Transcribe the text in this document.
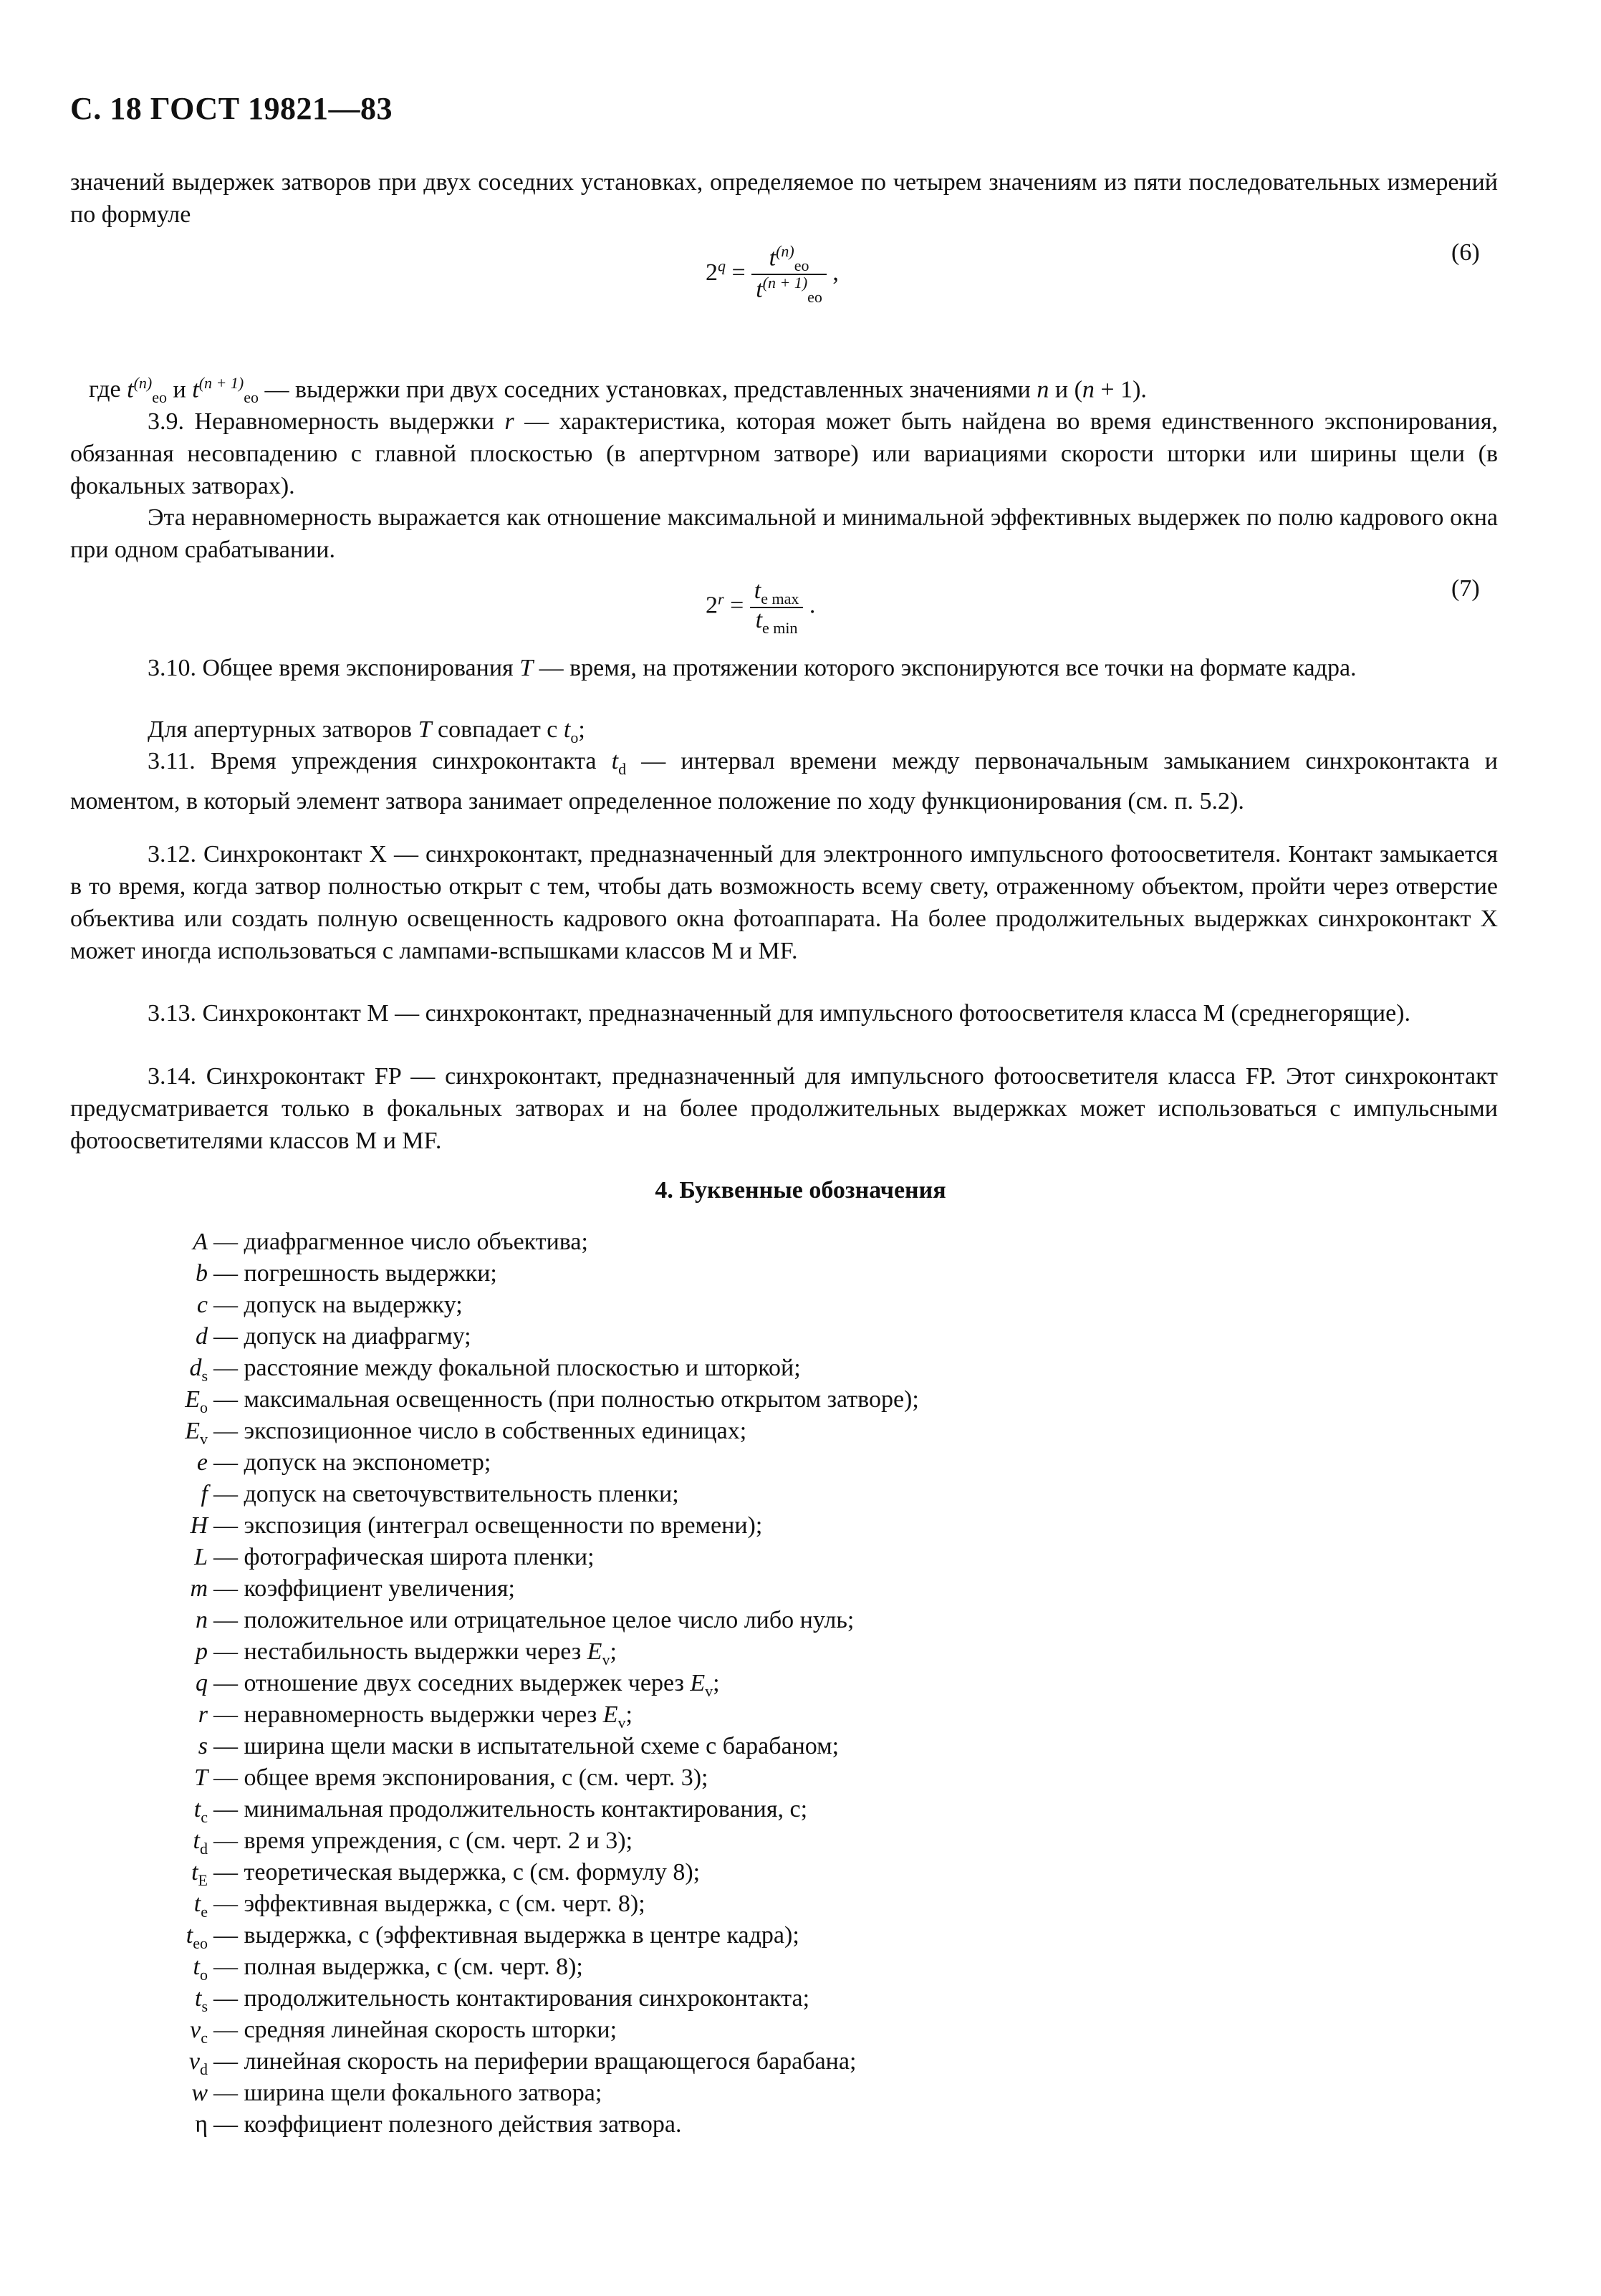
С. 18 ГОСТ 19821—83
значений выдержек затворов при двух соседних установках, определяемое по четырем значениям из пяти последовательных измерений по формуле
$2^q = \frac{t^{(n)}_{eo}}{t^{(n + 1)}_{eo}}$ ,
(6)
где $t^{(n)}_{eo}$ и $t^{(n + 1)}_{eo}$ — выдержки при двух соседних установках, представленных значениями n и (n + 1).
3.9. Неравномерность выдержки r — характеристика, которая может быть найдена во время единственного экспонирования, обязанная несовпадению с главной плоскостью (в апертvрном затворе) или вариациями скорости шторки или ширины щели (в фокальных затворах).
Эта неравномерность выражается как отношение максимальной и минимальной эффективных выдержек по полю кадрового окна при одном срабатывании.
$2^r = \frac{t_{e max}}{t_{e min}}$ .
(7)
3.10. Общее время экспонирования T — время, на протяжении которого экспонируются все точки на формате кадра.
Для апертурных затворов T совпадает с $t_o$;
3.11. Время упреждения синхроконтакта $t_d$ — интервал времени между первоначальным замыканием синхроконтакта и моментом, в который элемент затвора занимает определенное положение по ходу функционирования (см. п. 5.2).
3.12. Синхроконтакт X — синхроконтакт, предназначенный для электронного импульсного фотоосветителя. Контакт замыкается в то время, когда затвор полностью открыт с тем, чтобы дать возможность всему свету, отраженному объектом, пройти через отверстие объектива или создать полную освещенность кадрового окна фотоаппарата. На более продолжительных выдержках синхроконтакт X может иногда использоваться с лампами-вспышками классов M и MF.
3.13. Синхроконтакт M — синхроконтакт, предназначенный для импульсного фотоосветителя класса M (среднегорящие).
3.14. Синхроконтакт FP — синхроконтакт, предназначенный для импульсного фотоосветителя класса FP. Этот синхроконтакт предусматривается только в фокальных затворах и на более продолжительных выдержках может использоваться с импульсными фотоосветителями классов M и MF.
4. Буквенные обозначения
A — диафрагменное число объектива;
b — погрешность выдержки;
c — допуск на выдержку;
d — допуск на диафрагму;
$d_s$ — расстояние между фокальной плоскостью и шторкой;
$E_o$ — максимальная освещенность (при полностью открытом затворе);
$E_v$ — экспозиционное число в собственных единицах;
e — допуск на экспонометр;
f — допуск на светочувствительность пленки;
H — экспозиция (интеграл освещенности по времени);
L — фотографическая широта пленки;
m — коэффициент увеличения;
n — положительное или отрицательное целое число либо нуль;
p — нестабильность выдержки через $E_v$;
q — отношение двух соседних выдержек через $E_v$;
r — неравномерность выдержки через $E_v$;
s — ширина щели маски в испытательной схеме с барабаном;
T — общее время экспонирования, с (см. черт. 3);
$t_c$ — минимальная продолжительность контактирования, с;
$t_d$ — время упреждения, с (см. черт. 2 и 3);
$t_E$ — теоретическая выдержка, с (см. формулу 8);
$t_e$ — эффективная выдержка, с (см. черт. 8);
$t_{eo}$ — выдержка, с (эффективная выдержка в центре кадра);
$t_o$ — полная выдержка, с (см. черт. 8);
$t_s$ — продолжительность контактирования синхроконтакта;
$v_c$ — средняя линейная скорость шторки;
$v_d$ — линейная скорость на периферии вращающегося барабана;
w — ширина щели фокального затвора;
η — коэффициент полезного действия затвора.
